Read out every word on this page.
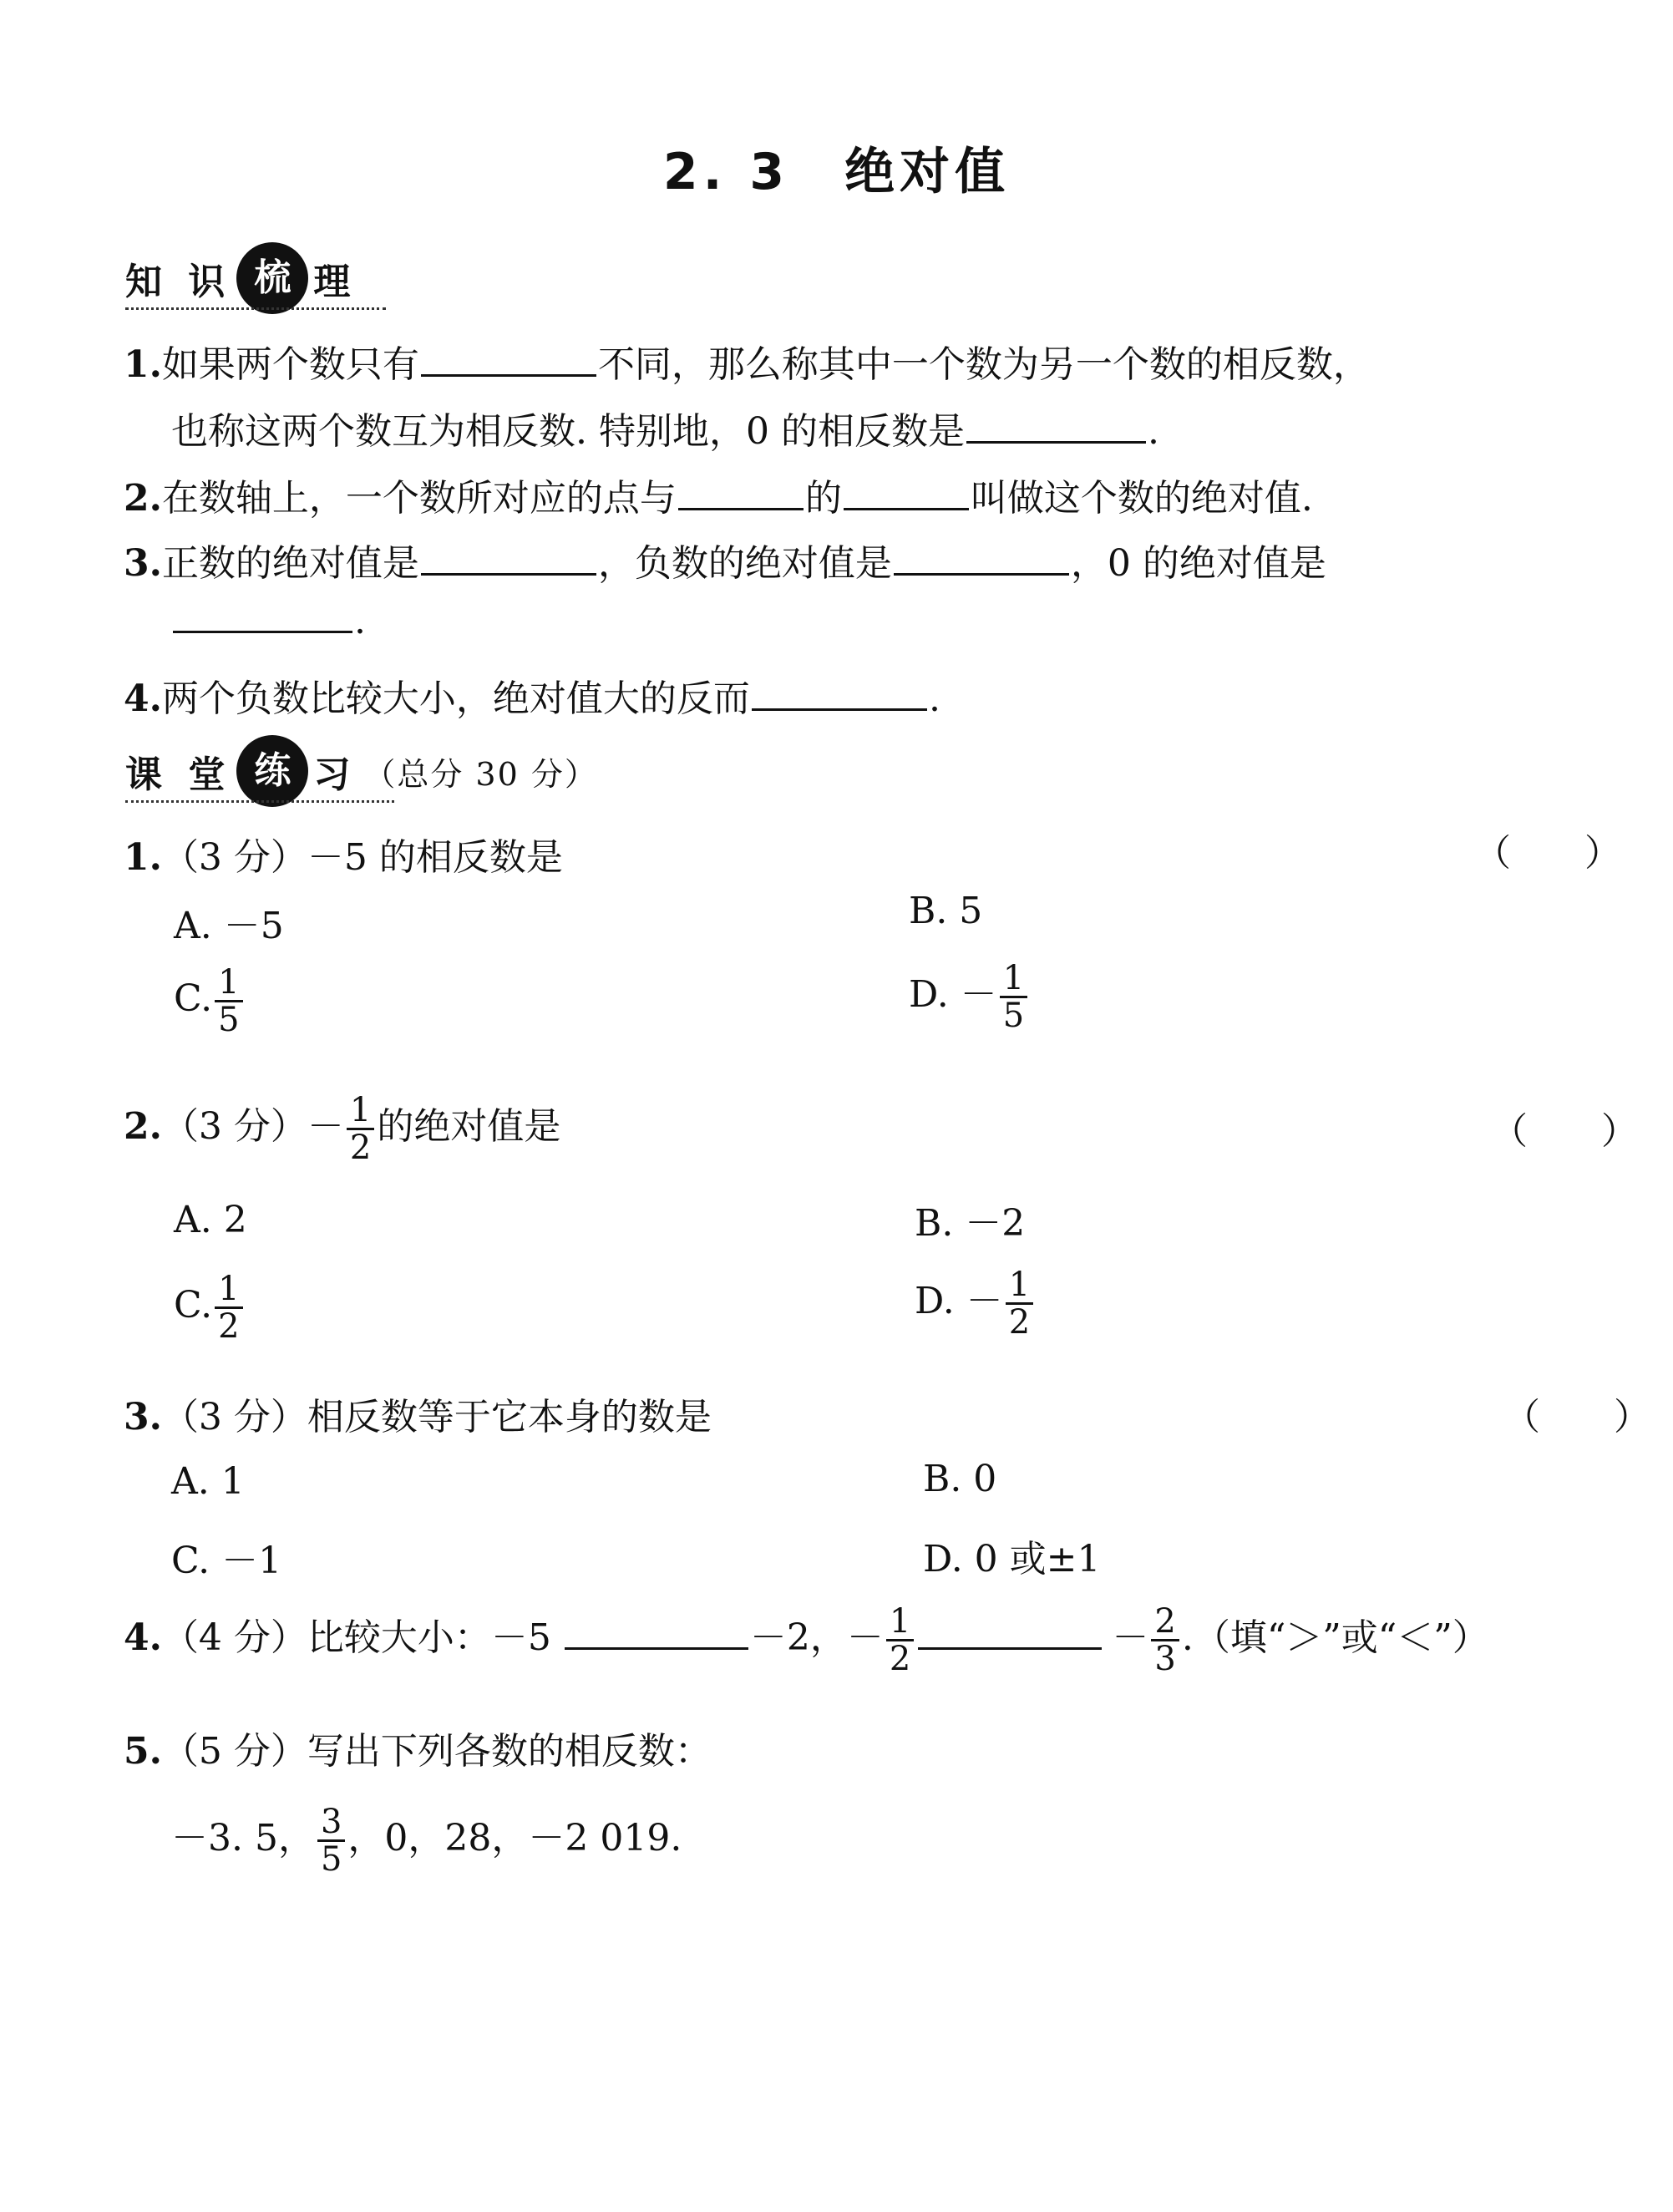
2. 3　绝对值
知 识 梳 理
1.如果两个数只有	不同，那么称其中一个数为另一个数的相反数，
也称这两个数互为相反数. 特别地，0 的相反数是	.
2.在数轴上，一个数所对应的点与	的	叫做这个数的绝对值.
3.正数的绝对值是	，负数的绝对值是	，0 的绝对值是
.
4.两个负数比较大小，绝对值大的反而	.
课 堂 练 习 （总分 30 分）
1.（3 分）－5 的相反数是	（　　）
A. －5	B. 5
C. $\frac{1}{5}$	D. － $\frac{1}{5}$
2.（3 分）－ $\frac{1}{2}$ 的绝对值是	（　　）
A. 2	B. －2
C. $\frac{1}{2}$	D. － $\frac{1}{2}$
3.（3 分）相反数等于它本身的数是	（　　）
A. 1	B. 0
C. －1	D. 0 或±1
4.（4 分）比较大小：－5	－2，－ $\frac{1}{2}$	－ $\frac{2}{3}$ .（填“＞”或“＜”）
5.（5 分）写出下列各数的相反数：
－3. 5， $\frac{3}{5}$ ，0，28，－2 019.
